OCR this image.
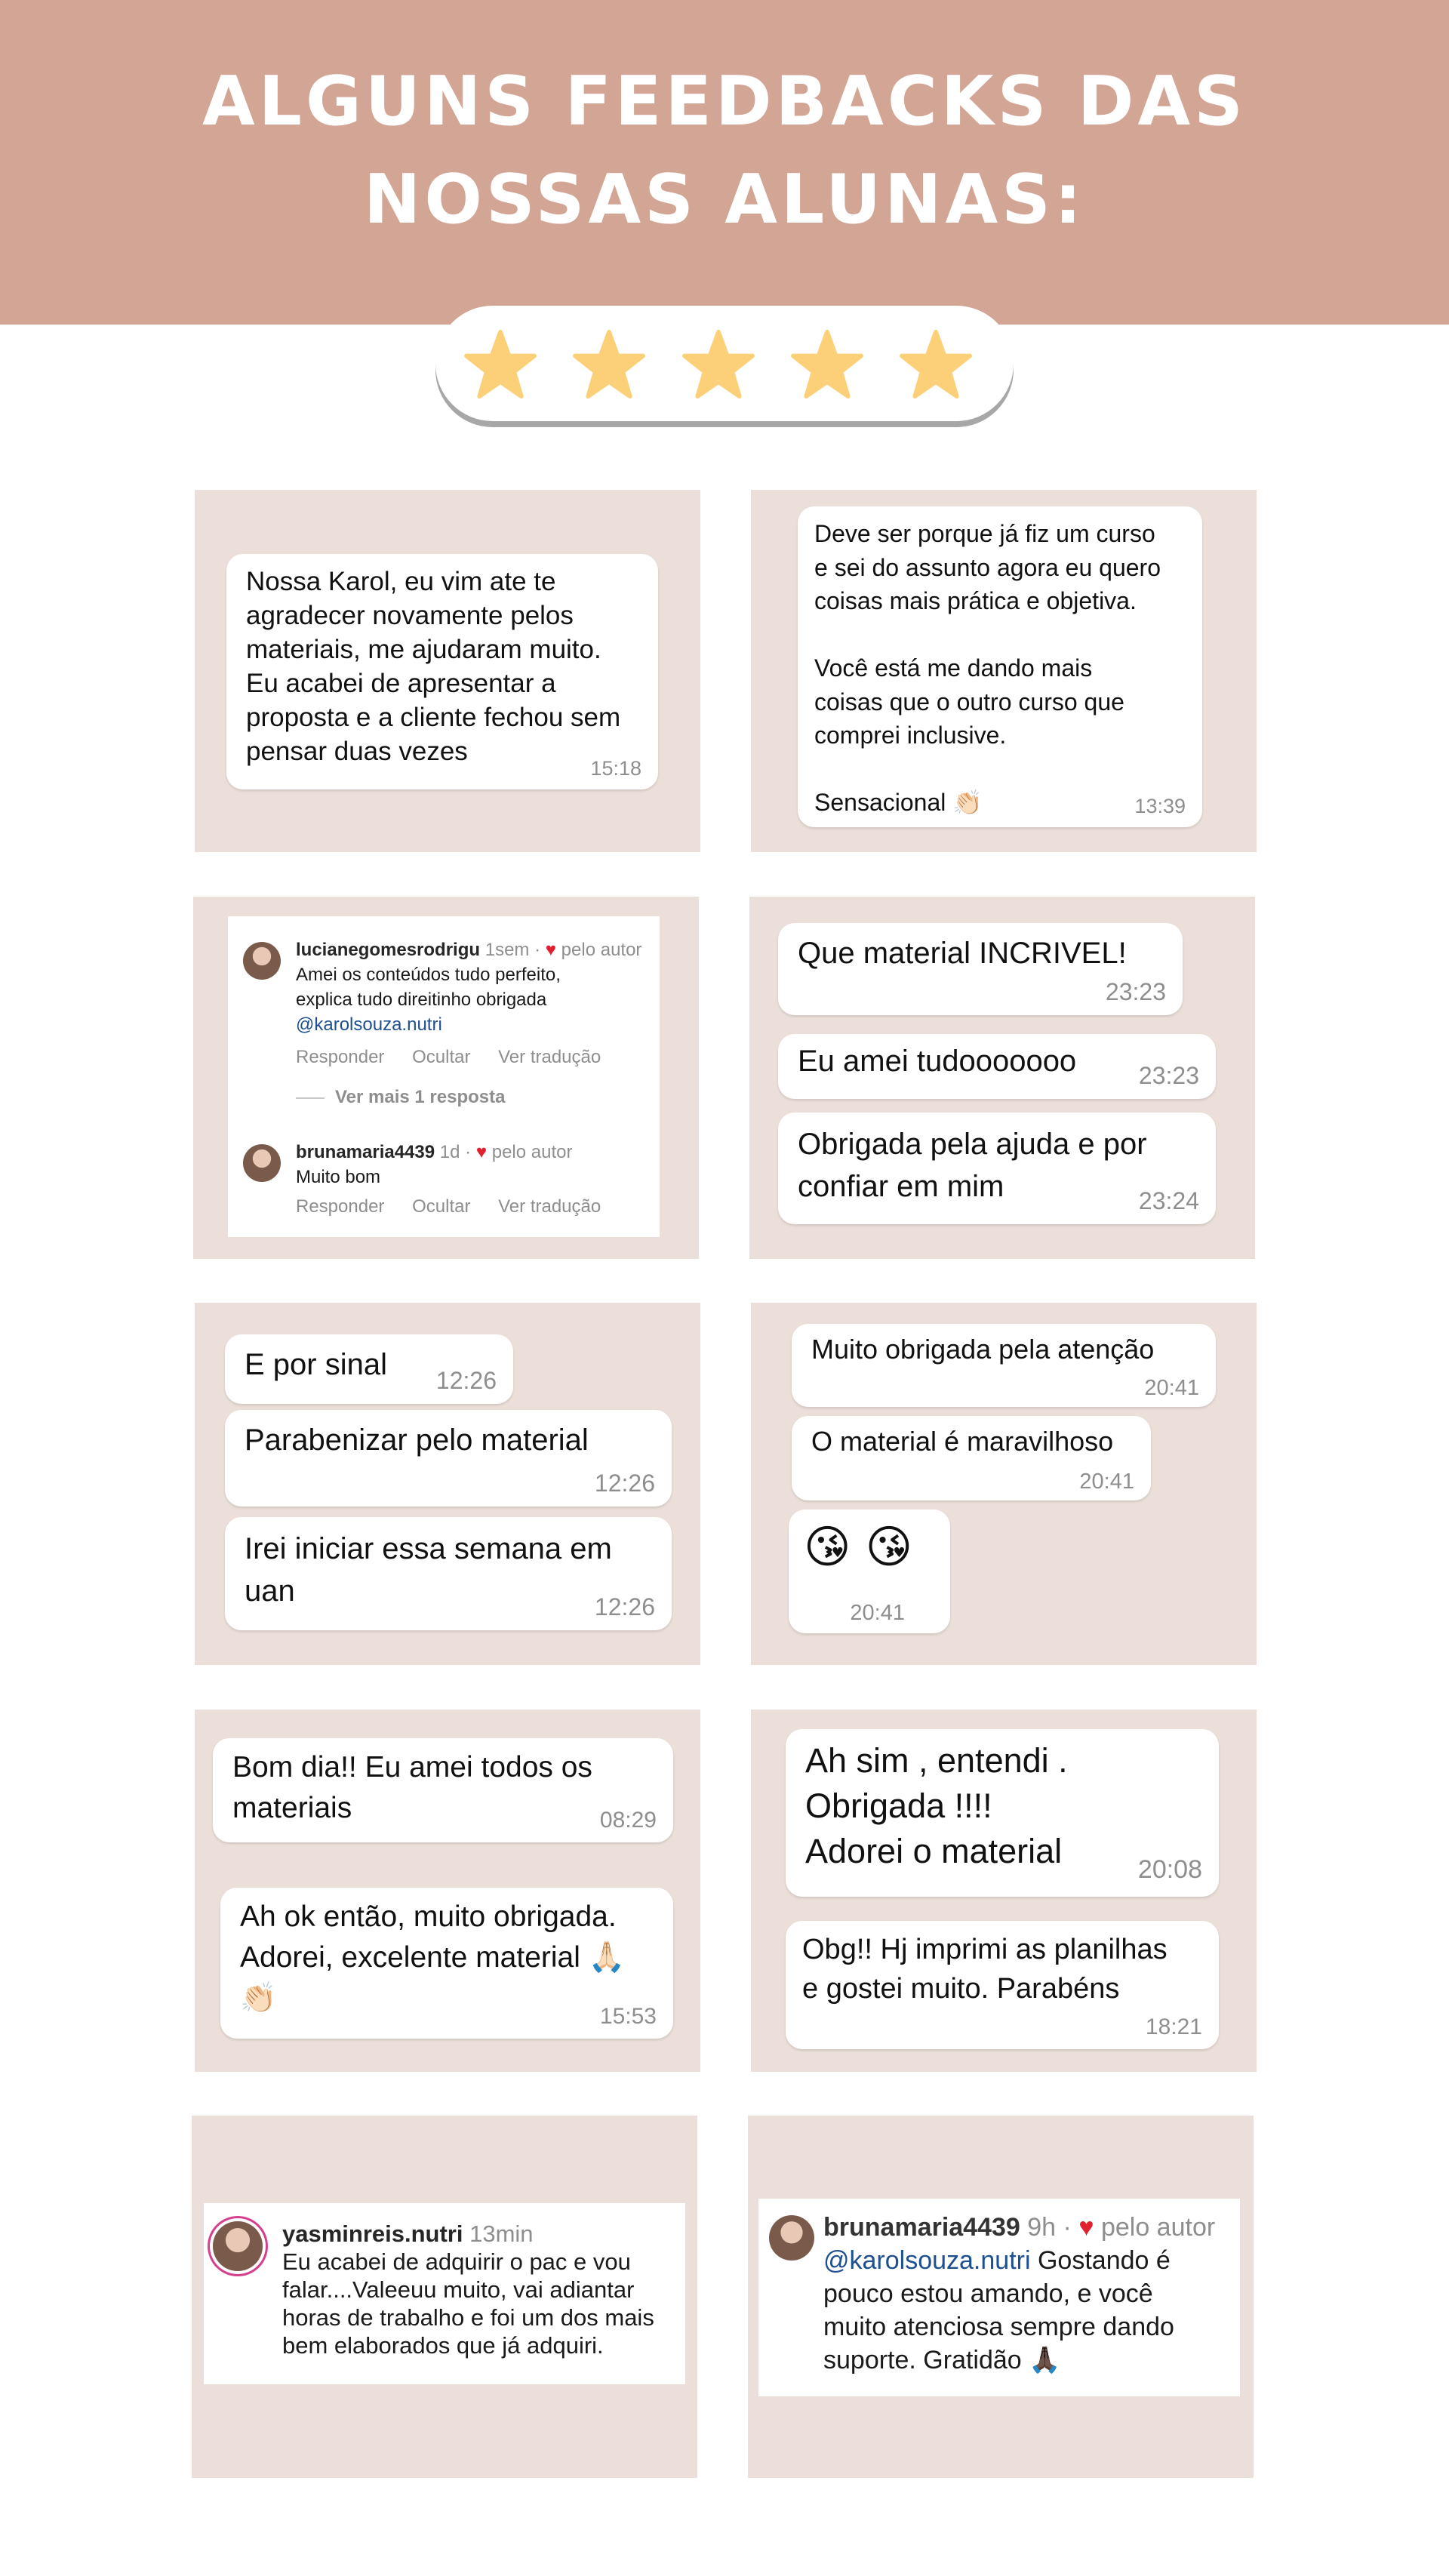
ALGUNS FEEDBACKS DAS
NOSSAS ALUNAS:
Nossa Karol, eu vim ate te
agradecer novamente pelos
materiais, me ajudaram muito.
Eu acabei de apresentar a
proposta e a cliente fechou sem
pensar duas vezes
15:18
Deve ser porque já fiz um curso
e sei do assunto agora eu quero
coisas mais prática e objetiva.

Você está me dando mais
coisas que o outro curso que
comprei inclusive.

Sensacional 👏🏻	13:39
lucianegomesrodrigu 1sem · ♥ pelo autor
Amei os conteúdos tudo perfeito,
explica tudo direitinho obrigada
@karolsouza.nutri
Responder Ocultar Ver tradução
Ver mais 1 resposta
brunamaria4439 1d · ♥ pelo autor
Muito bom
Responder Ocultar Ver tradução
Que material INCRIVEL!
23:23
Eu amei tudooooooo	23:23
Obrigada pela ajuda e por
confiar em mim	23:24
E por sinal 12:26
Parabenizar pelo material
12:26
Irei iniciar essa semana em
uan	12:26
Muito obrigada pela atenção
20:41
O material é maravilhoso
20:41
😘 😘
20:41
Bom dia!! Eu amei todos os
materiais	08:29
Ah ok então, muito obrigada.
Adorei, excelente material 🙏🏻
👏🏻
15:53
Ah sim , entendi .
Obrigada !!!!
Adorei o material	20:08
Obg!! Hj imprimi as planilhas
e gostei muito. Parabéns
18:21
yasminreis.nutri 13min
Eu acabei de adquirir o pac e vou
falar....Valeeuu muito, vai adiantar
horas de trabalho e foi um dos mais
bem elaborados que já adquiri.
brunamaria4439 9h · ♥ pelo autor
@karolsouza.nutri Gostando é
pouco estou amando, e você
muito atenciosa sempre dando
suporte. Gratidão 🙏🏿
